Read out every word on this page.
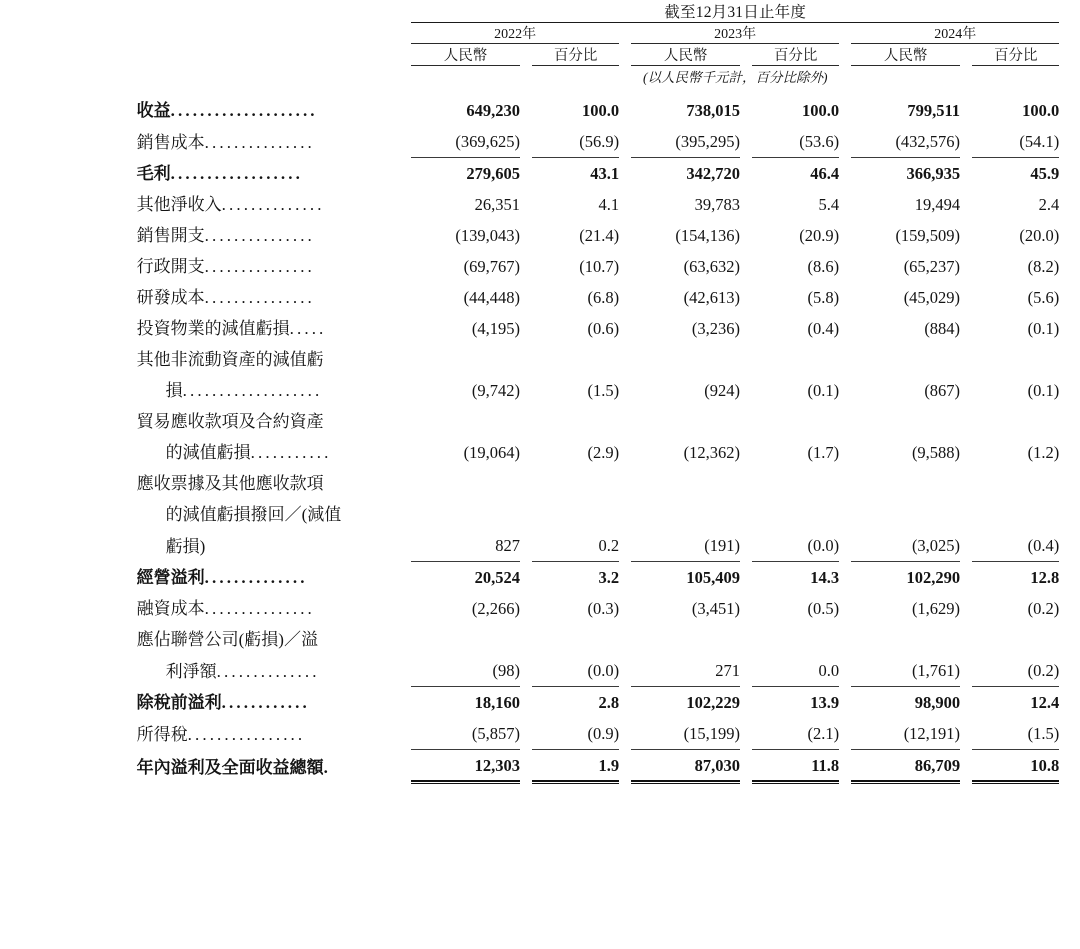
		截至12月31日止年度											
		2022年				2023年				2024年			
		人民幣		百分比		人民幣		百分比		人民幣		百分比	
		(以人民幣千元計，百分比除外)											

	收益....................	649,230		100.0		738,015		100.0		799,511		100.0	
	銷售成本...............	(369,625)		(56.9)		(395,295)		(53.6)		(432,576)		(54.1)	
	毛利..................	279,605		43.1		342,720		46.4		366,935		45.9	
	其他淨收入..............	26,351		4.1		39,783		5.4		19,494		2.4	
	銷售開支...............	(139,043)		(21.4)		(154,136)		(20.9)		(159,509)		(20.0)	
	行政開支...............	(69,767)		(10.7)		(63,632)		(8.6)		(65,237)		(8.2)	
	研發成本...............	(44,448)		(6.8)		(42,613)		(5.8)		(45,029)		(5.6)	
	投資物業的減值虧損.....	(4,195)		(0.6)		(3,236)		(0.4)		(884)		(0.1)	
	其他非流動資產的減值虧												
	損...................	(9,742)		(1.5)		(924)		(0.1)		(867)		(0.1)	
	貿易應收款項及合約資產												
	的減值虧損...........	(19,064)		(2.9)		(12,362)		(1.7)		(9,588)		(1.2)	
	應收票據及其他應收款項												
	的減值虧損撥回／(減值												
	虧損)	827		0.2		(191)		(0.0)		(3,025)		(0.4)	
	經營溢利..............	20,524		3.2		105,409		14.3		102,290		12.8	
	融資成本...............	(2,266)		(0.3)		(3,451)		(0.5)		(1,629)		(0.2)	
	應佔聯營公司(虧損)／溢												
	利淨額..............	(98)		(0.0)		271		0.0		(1,761)		(0.2)	
	除稅前溢利............	18,160		2.8		102,229		13.9		98,900		12.4	
	所得稅................	(5,857)		(0.9)		(15,199)		(2.1)		(12,191)		(1.5)	
	年內溢利及全面收益總額.	12,303		1.9		87,030		11.8		86,709		10.8	
